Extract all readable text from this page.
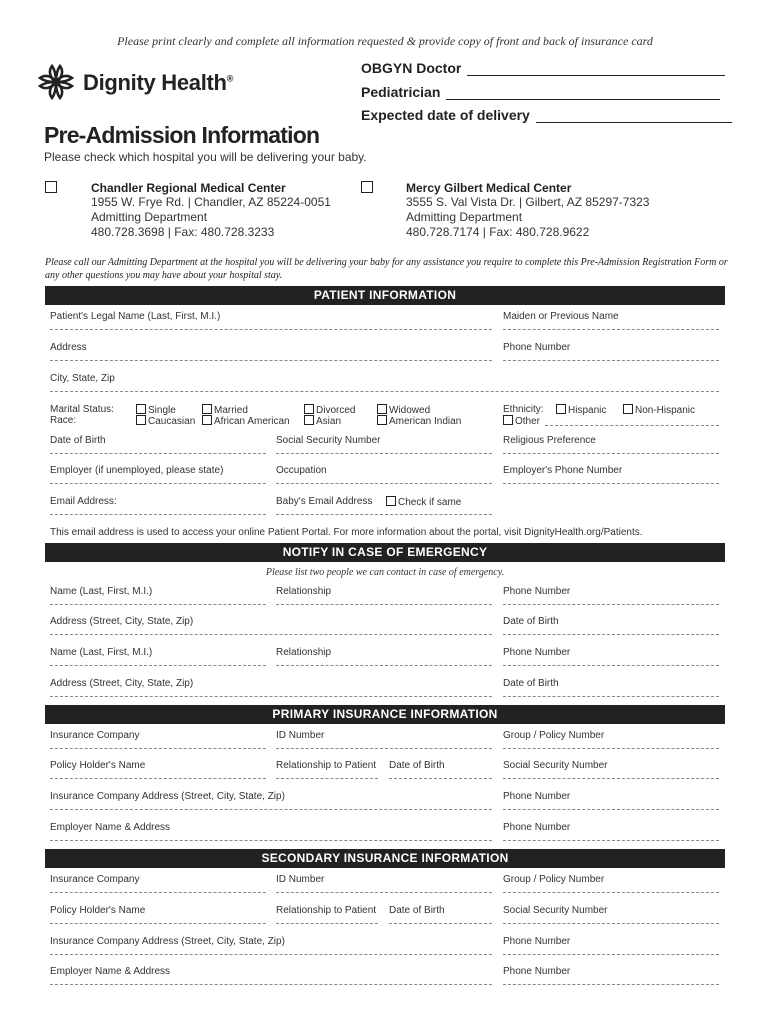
Please print clearly and complete all information requested & provide copy of front and back of insurance card
Dignity Health®
OBGYN Doctor
Pediatrician
Expected date of delivery
Pre-Admission Information
Please check which hospital you will be delivering your baby.
Chandler Regional Medical Center
1955 W. Frye Rd. | Chandler, AZ 85224-0051
Admitting Department
480.728.3698 | Fax: 480.728.3233
Mercy Gilbert Medical Center
3555 S. Val Vista Dr. | Gilbert, AZ 85297-7323
Admitting Department
480.728.7174 | Fax: 480.728.9622
Please call our Admitting Department at the hospital you will be delivering your baby for any assistance you require to complete this Pre-Admission Registration Form or any other questions you may have about your hospital stay.
PATIENT INFORMATION
Patient's Legal Name (Last, First, M.I.)	Maiden or Previous Name
Address	Phone Number
City, State, Zip
Marital Status:
Race:
Single	Married	Divorced	Widowed
Caucasian	African American	Asian	American Indian
Ethnicity:	Hispanic	Non-Hispanic
Other
Date of Birth	Social Security Number	Religious Preference
Employer (if unemployed, please state)	Occupation	Employer's Phone Number
Email Address:	Baby's Email Address	Check if same
This email address is used to access your online Patient Portal. For more information about the portal, visit DignityHealth.org/Patients.
NOTIFY IN CASE OF EMERGENCY
Please list two people we can contact in case of emergency.
Name (Last, First, M.I.)	Relationship	Phone Number
Address (Street, City, State, Zip)	Date of Birth
Name (Last, First, M.I.)	Relationship	Phone Number
Address (Street, City, State, Zip)	Date of Birth
PRIMARY INSURANCE INFORMATION
Insurance Company	ID Number	Group / Policy Number
Policy Holder's Name	Relationship to Patient Date of Birth	Social Security Number
Insurance Company Address (Street, City, State, Zip)	Phone Number
Employer Name & Address	Phone Number
SECONDARY INSURANCE INFORMATION
Insurance Company	ID Number	Group / Policy Number
Policy Holder's Name	Relationship to Patient Date of Birth	Social Security Number
Insurance Company Address (Street, City, State, Zip)	Phone Number
Employer Name & Address	Phone Number
